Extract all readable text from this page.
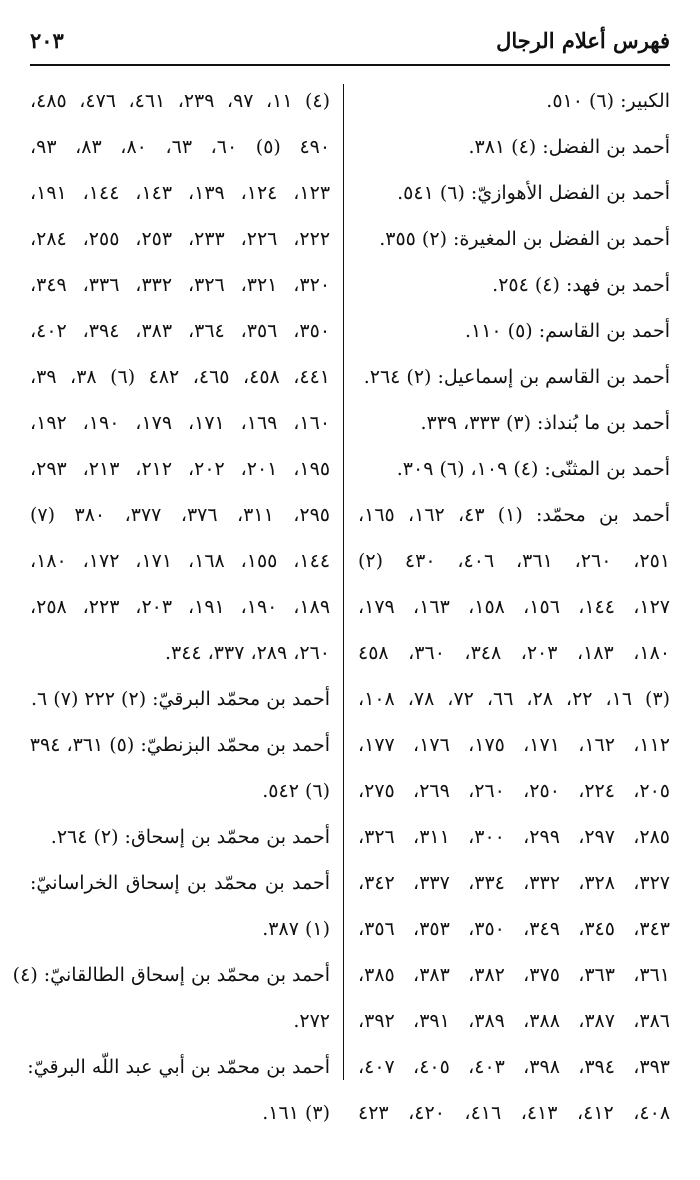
فهرس أعلام الرجال
٢٠٣
الكبير: (٦) ٥١٠.
أحمد بن الفضل: (٤) ٣٨١.
أحمد بن الفضل الأهوازيّ: (٦) ٥٤١.
أحمد بن الفضل بن المغيرة: (٢) ٣٥٥.
أحمد بن فهد: (٤) ٢٥٤.
أحمد بن القاسم: (٥) ١١٠.
أحمد بن القاسم بن إسماعيل: (٢) ٢٦٤.
أحمد بن ما بُنداذ: (٣) ٣٣٣، ٣٣٩.
أحمد بن المثنّى: (٤) ١٠٩، (٦) ٣٠٩.
أحمد بن محمّد: (١) ٤٣، ١٦٢، ١٦٥،
٢٥١، ٢٦٠، ٣٦١، ٤٠٦، ٤٣٠ (٢)
١٢٧، ١٤٤، ١٥٦، ١٥٨، ١٦٣، ١٧٩،
١٨٠، ١٨٣، ٢٠٣، ٣٤٨، ٣٦٠، ٤٥٨
(٣) ١٦، ٢٢، ٢٨، ٦٦، ٧٢، ٧٨، ١٠٨،
١١٢، ١٦٢، ١٧١، ١٧٥، ١٧٦، ١٧٧،
٢٠٥، ٢٢٤، ٢٥٠، ٢٦٠، ٢٦٩، ٢٧٥،
٢٨٥، ٢٩٧، ٢٩٩، ٣٠٠، ٣١١، ٣٢٦،
٣٢٧، ٣٢٨، ٣٣٢، ٣٣٤، ٣٣٧، ٣٤٢،
٣٤٣، ٣٤٥، ٣٤٩، ٣٥٠، ٣٥٣، ٣٥٦،
٣٦١، ٣٦٣، ٣٧٥، ٣٨٢، ٣٨٣، ٣٨٥،
٣٨٦، ٣٨٧، ٣٨٨، ٣٨٩، ٣٩١، ٣٩٢،
٣٩٣، ٣٩٤، ٣٩٨، ٤٠٣، ٤٠٥، ٤٠٧،
٤٠٨، ٤١٢، ٤١٣، ٤١٦، ٤٢٠، ٤٢٣
(٤) ١١، ٩٧، ٢٣٩، ٤٦١، ٤٧٦، ٤٨٥،
٤٩٠ (٥) ٦٠، ٦٣، ٨٠، ٨٣، ٩٣،
١٢٣، ١٢٤، ١٣٩، ١٤٣، ١٤٤، ١٩١،
٢٢٢، ٢٢٦، ٢٣٣، ٢٥٣، ٢٥٥، ٢٨٤،
٣٢٠، ٣٢١، ٣٢٦، ٣٣٢، ٣٣٦، ٣٤٩،
٣٥٠، ٣٥٦، ٣٦٤، ٣٨٣، ٣٩٤، ٤٠٢،
٤٤١، ٤٥٨، ٤٦٥، ٤٨٢ (٦) ٣٨، ٣٩،
١٦٠، ١٦٩، ١٧١، ١٧٩، ١٩٠، ١٩٢،
١٩٥، ٢٠١، ٢٠٢، ٢١٢، ٢١٣، ٢٩٣،
٢٩٥، ٣١١، ٣٧٦، ٣٧٧، ٣٨٠ (٧)
١٤٤، ١٥٥، ١٦٨، ١٧١، ١٧٢، ١٨٠،
١٨٩، ١٩٠، ١٩١، ٢٠٣، ٢٢٣، ٢٥٨،
٢٦٠، ٢٨٩، ٣٣٧، ٣٤٤.
أحمد بن محمّد البرقيّ: (٢) ٢٢٢ (٧) ٦.
أحمد بن محمّد البزنطيّ: (٥) ٣٦١، ٣٩٤
(٦) ٥٤٢.
أحمد بن محمّد بن إسحاق: (٢) ٢٦٤.
أحمد بن محمّد بن إسحاق الخراسانيّ:
(١) ٣٨٧.
أحمد بن محمّد بن إسحاق الطالقانيّ: (٤)
٢٧٢.
أحمد بن محمّد بن أبي عبد اللّه البرقيّ:
(٣) ١٦١.
